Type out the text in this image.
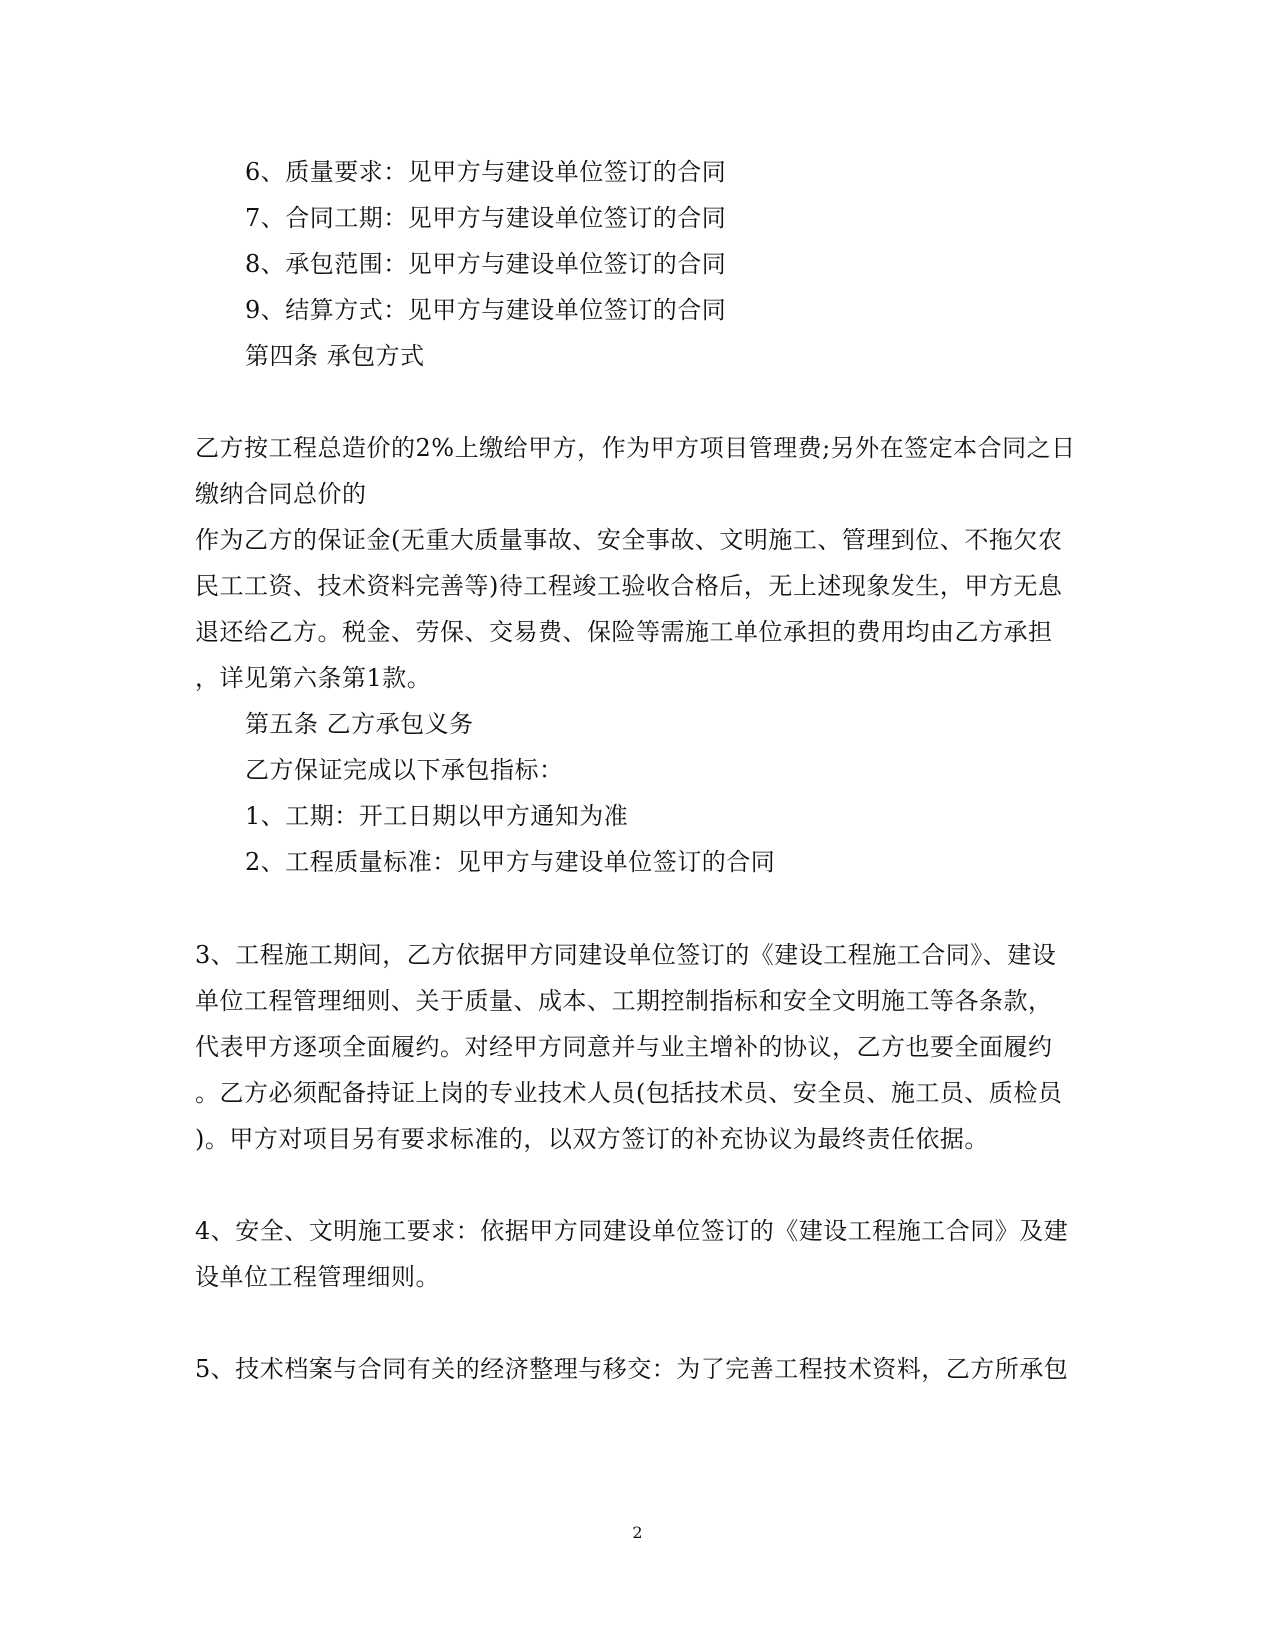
6、质量要求：见甲方与建设单位签订的合同
7、合同工期：见甲方与建设单位签订的合同
8、承包范围：见甲方与建设单位签订的合同
9、结算方式：见甲方与建设单位签订的合同
第四条 承包方式
乙方按工程总造价的2%上缴给甲方，作为甲方项目管理费;另外在签定本合同之日
缴纳合同总价的
作为乙方的保证金(无重大质量事故、安全事故、文明施工、管理到位、不拖欠农
民工工资、技术资料完善等)待工程竣工验收合格后，无上述现象发生，甲方无息
退还给乙方。税金、劳保、交易费、保险等需施工单位承担的费用均由乙方承担
，详见第六条第1款。
第五条 乙方承包义务
乙方保证完成以下承包指标：
1、工期：开工日期以甲方通知为准
2、工程质量标准：见甲方与建设单位签订的合同
3、工程施工期间，乙方依据甲方同建设单位签订的《建设工程施工合同》、建设
单位工程管理细则、关于质量、成本、工期控制指标和安全文明施工等各条款，
代表甲方逐项全面履约。对经甲方同意并与业主增补的协议，乙方也要全面履约
。乙方必须配备持证上岗的专业技术人员(包括技术员、安全员、施工员、质检员
)。甲方对项目另有要求标准的，以双方签订的补充协议为最终责任依据。
4、安全、文明施工要求：依据甲方同建设单位签订的《建设工程施工合同》及建
设单位工程管理细则。
5、技术档案与合同有关的经济整理与移交：为了完善工程技术资料，乙方所承包
2
